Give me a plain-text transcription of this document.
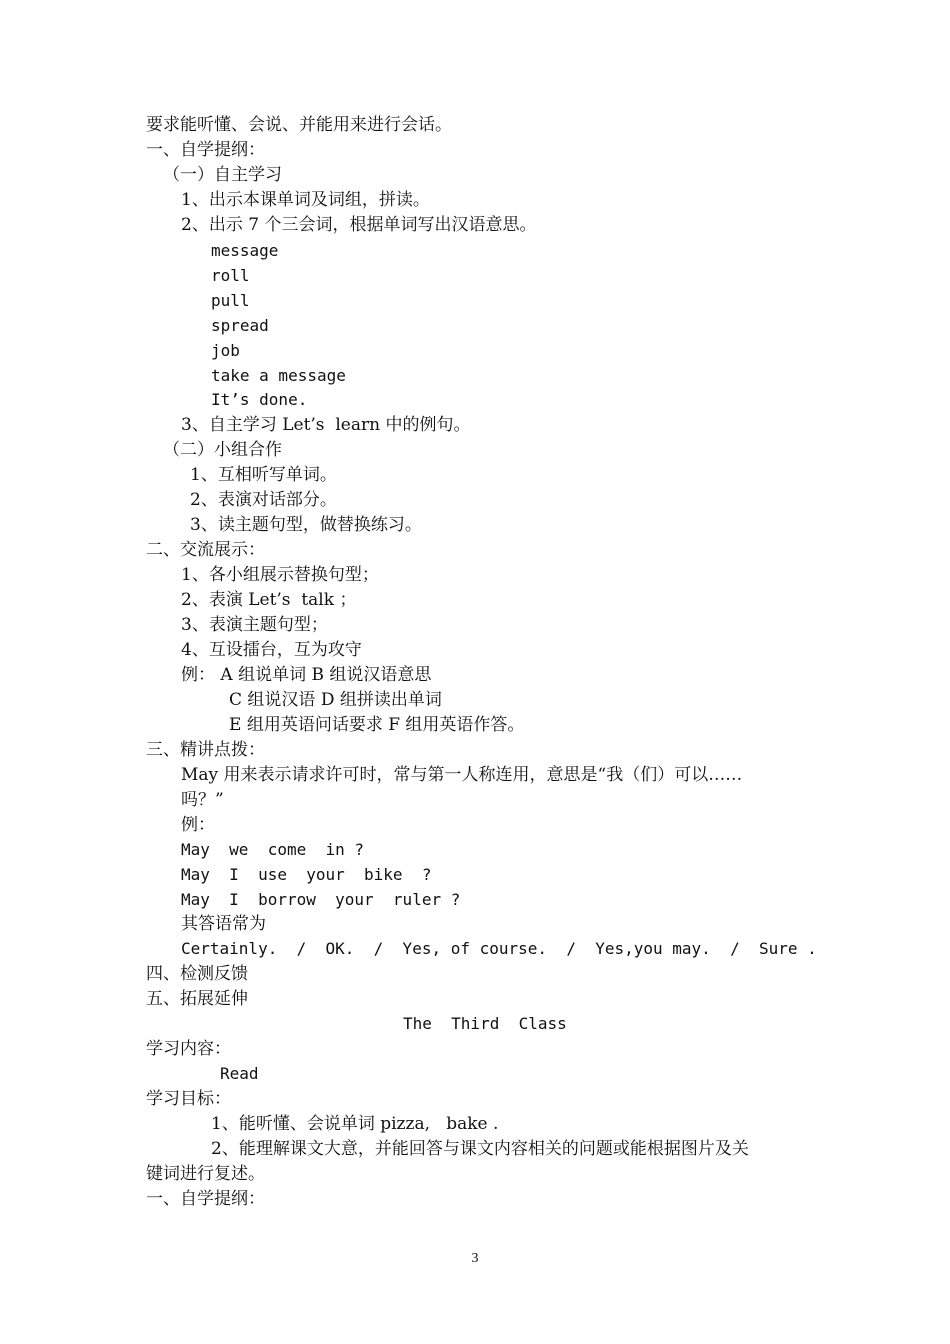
要求能听懂、会说、并能用来进行会话。
一、自学提纲：
（一）自主学习
1、出示本课单词及词组，拼读。
2、出示 7 个三会词，根据单词写出汉语意思。
message
roll
pull
spread
job
take a message
It’s done.
3、自主学习 Let’s  learn 中的例句。
（二）小组合作
1、互相听写单词。
2、表演对话部分。
3、读主题句型，做替换练习。
二、交流展示：
1、各小组展示替换句型；
2、表演 Let’s  talk ；
3、表演主题句型；
4、互设擂台，互为攻守
例： A 组说单词 B 组说汉语意思
C 组说汉语 D 组拼读出单词
E 组用英语问话要求 F 组用英语作答。
三、精讲点拨：
May 用来表示请求许可时，常与第一人称连用，意思是“我（们）可以……
吗？”
例：
May  we  come  in ?
May  I  use  your  bike  ?
May  I  borrow  your  ruler ?
其答语常为
Certainly.  /  OK.  /  Yes, of course.  /  Yes,you may.  /  Sure .
四、检测反馈
五、拓展延伸
The  Third  Class
学习内容：
Read
学习目标：
1、能听懂、会说单词 pizza,   bake .
2、能理解课文大意，并能回答与课文内容相关的问题或能根据图片及关
键词进行复述。
一、自学提纲：
3
